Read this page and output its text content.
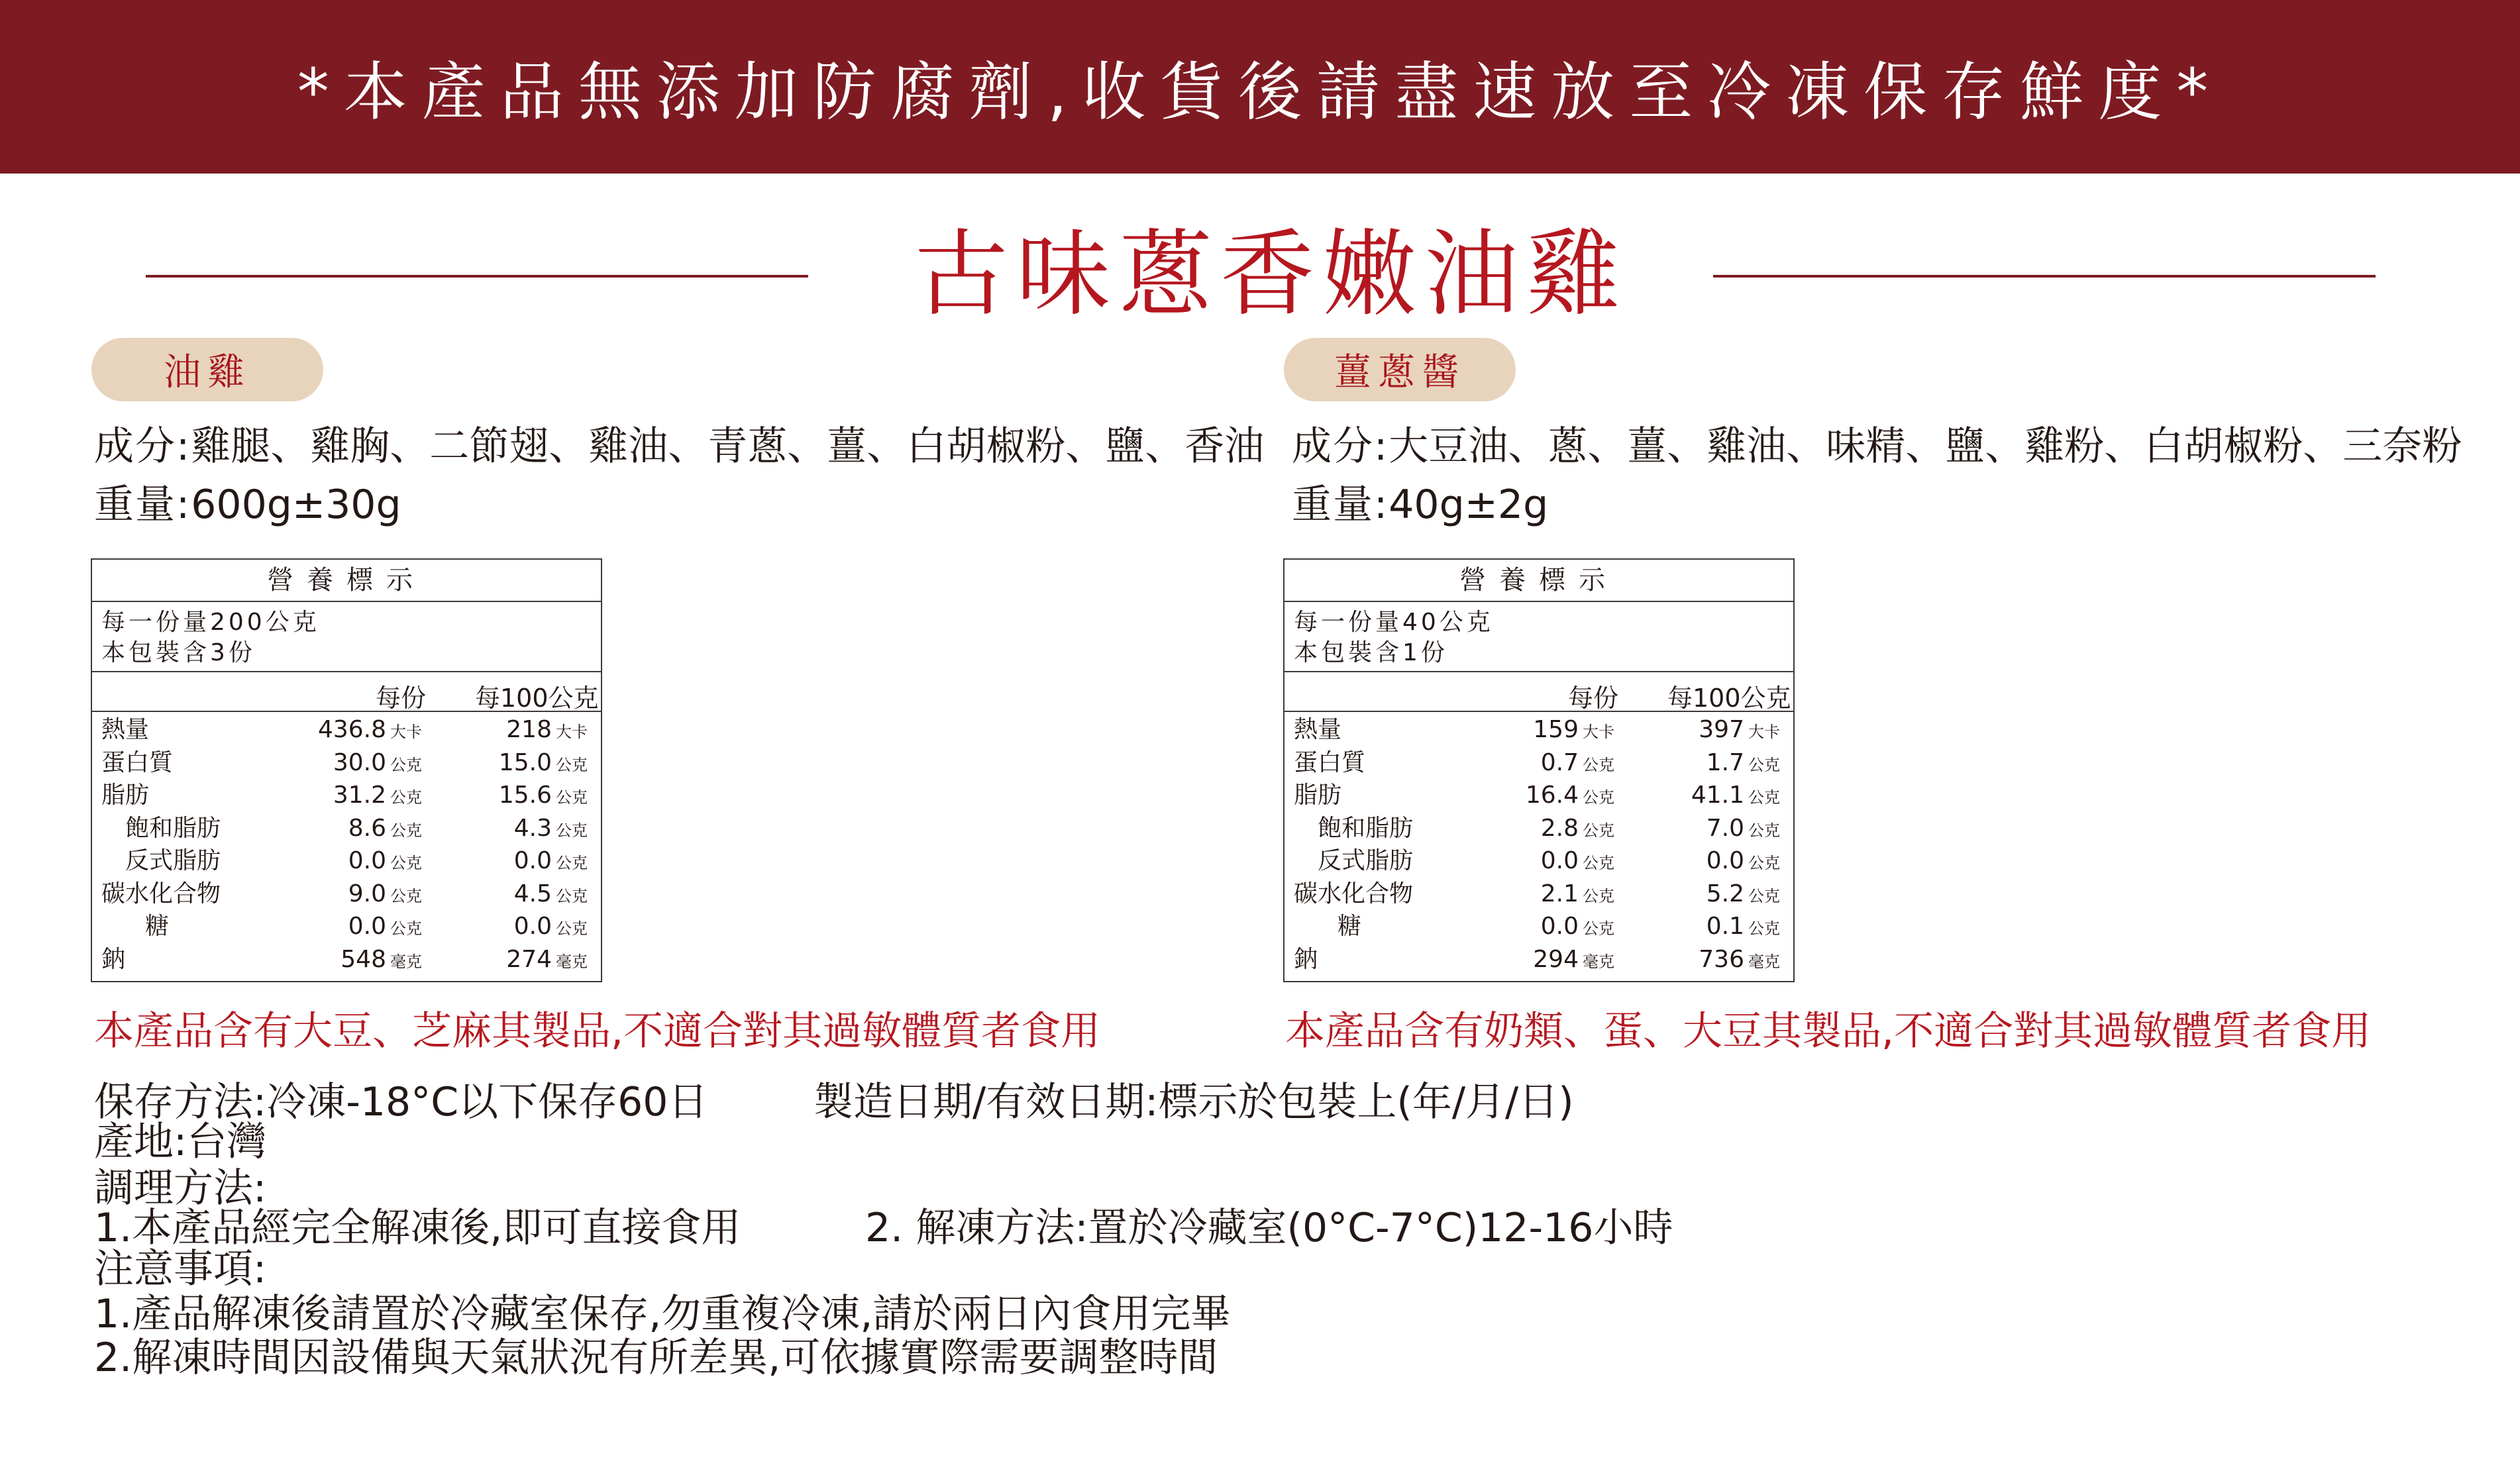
*本產品無添加防腐劑,收貨後請盡速放至冷凍保存鮮度*
古味蔥香嫩油雞
油雞	薑蔥醬
成分:雞腿、雞胸、二節翅、雞油、青蔥、薑、白胡椒粉、鹽、香油
重量:600g±30g
成分:大豆油、蔥、薑、雞油、味精、鹽、雞粉、白胡椒粉、三奈粉
重量:40g±2g
營養標示
每一份量200公克
本包裝含3份
每份 每100公克
熱量	436.8 大卡	218 大卡
蛋白質	30.0 公克	15.0 公克
脂肪	31.2 公克	15.6 公克
飽和脂肪	8.6 公克	4.3 公克
反式脂肪	0.0 公克	0.0 公克
碳水化合物	9.0 公克	4.5 公克
糖	0.0 公克	0.0 公克
鈉	548 毫克	274 毫克
營養標示
每一份量40公克
本包裝含1份
每份 每100公克
熱量	159 大卡	397 大卡
蛋白質	0.7 公克	1.7 公克
脂肪	16.4 公克	41.1 公克
飽和脂肪	2.8 公克	7.0 公克
反式脂肪	0.0 公克	0.0 公克
碳水化合物	2.1 公克	5.2 公克
糖	0.0 公克	0.1 公克
鈉	294 毫克	736 毫克
本產品含有大豆、芝麻其製品,不適合對其過敏體質者食用	本產品含有奶類、蛋、大豆其製品,不適合對其過敏體質者食用
保存方法:冷凍-18°C以下保存60日	製造日期/有效日期:標示於包裝上(年/月/日)
產地:台灣
調理方法:
1.本產品經完全解凍後,即可直接食用	2. 解凍方法:置於冷藏室(0°C-7°C)12-16小時
注意事項:
1.產品解凍後請置於冷藏室保存,勿重複冷凍,請於兩日內食用完畢
2.解凍時間因設備與天氣狀況有所差異,可依據實際需要調整時間
